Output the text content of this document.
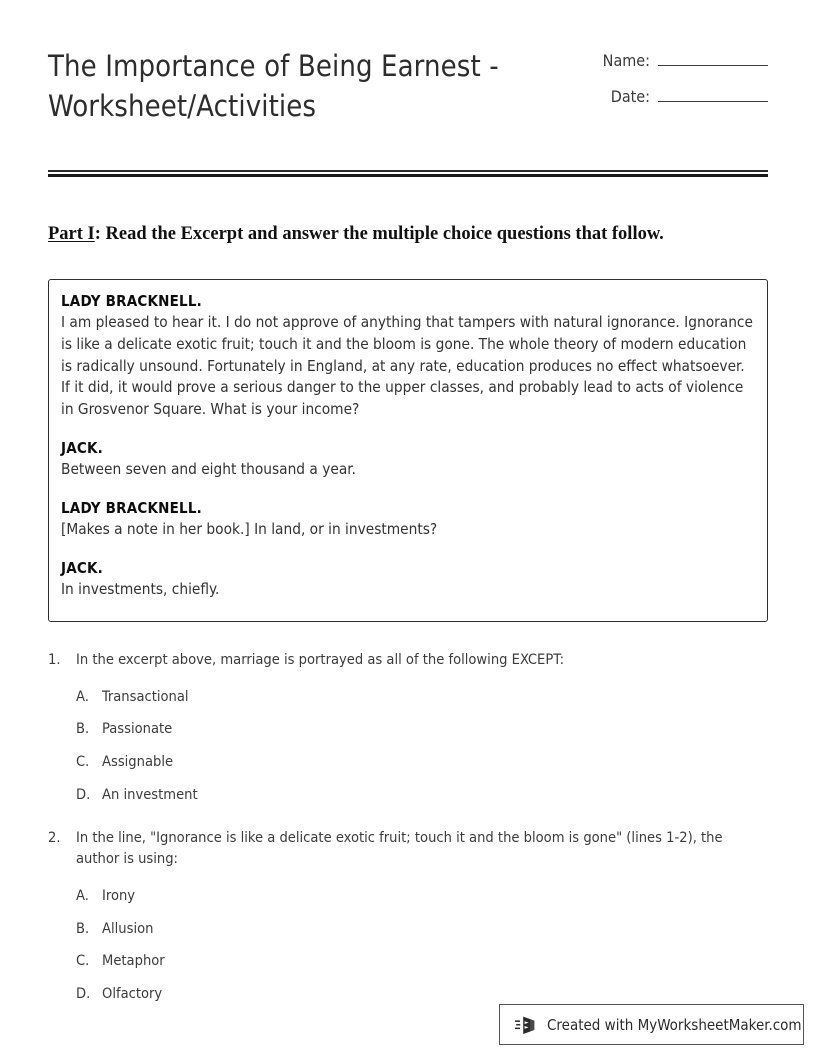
The Importance of Being Earnest - Worksheet/Activities
Name:
Date:
Part I: Read the Excerpt and answer the multiple choice questions that follow.
LADY BRACKNELL.
I am pleased to hear it. I do not approve of anything that tampers with natural ignorance. Ignorance is like a delicate exotic fruit; touch it and the bloom is gone. The whole theory of modern education is radically unsound. Fortunately in England, at any rate, education produces no effect whatsoever. If it did, it would prove a serious danger to the upper classes, and probably lead to acts of violence in Grosvenor Square. What is your income?
JACK.
Between seven and eight thousand a year.
LADY BRACKNELL.
[Makes a note in her book.] In land, or in investments?
JACK.
In investments, chiefly.
1.	In the excerpt above, marriage is portrayed as all of the following EXCEPT:
A. Transactional
B. Passionate
C. Assignable
D. An investment
2.	In the line, "Ignorance is like a delicate exotic fruit; touch it and the bloom is gone" (lines 1-2), the author is using:
A. Irony
B. Allusion
C. Metaphor
D. Olfactory
Created with MyWorksheetMaker.com
